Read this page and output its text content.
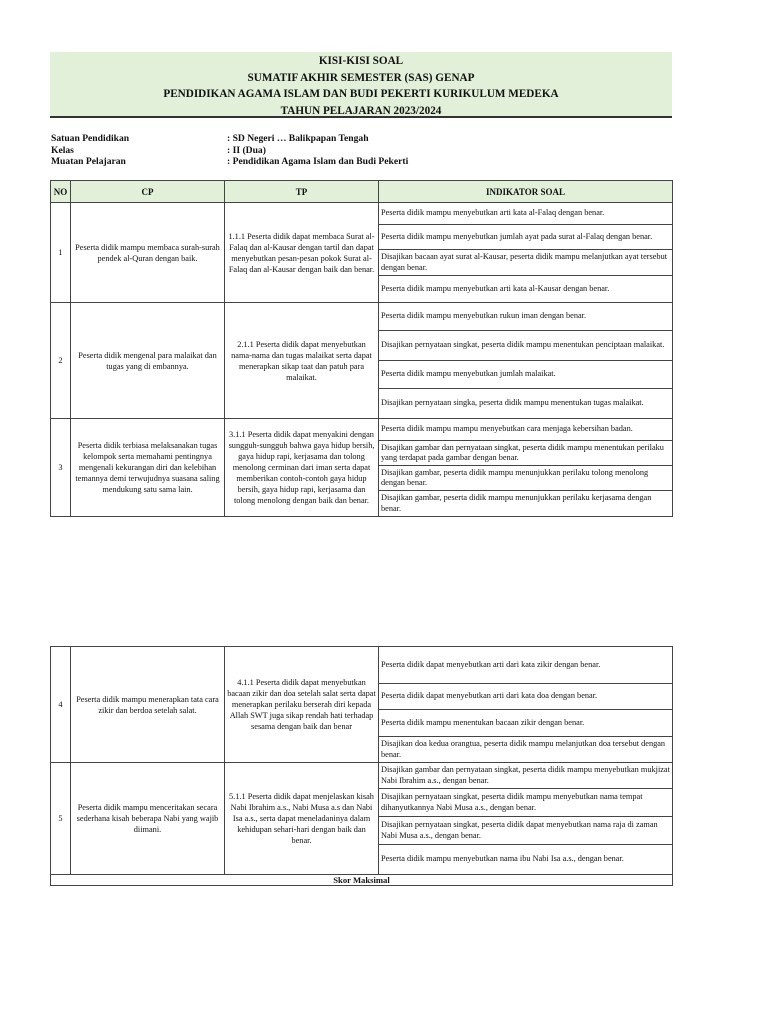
KISI-KISI SOAL
SUMATIF AKHIR SEMESTER (SAS) GENAP
PENDIDIKAN AGAMA ISLAM DAN BUDI PEKERTI KURIKULUM MEDEKA
TAHUN PELAJARAN 2023/2024
Satuan Pendidikan	: SD Negeri … Balikpapan Tengah
Kelas	: II (Dua)
Muatan Pelajaran	: Pendidikan Agama Islam dan Budi Pekerti
NO	CP	TP	INDIKATOR SOAL
1	Peserta didik mampu membaca surah-surah pendek al-Quran dengan baik.	1.1.1 Peserta didik dapat membaca Surat al-Falaq dan al-Kausar dengan tartil dan dapat menyebutkan pesan-pesan pokok Surat al-Falaq dan al-Kausar dengan baik dan benar.	Peserta didik mampu menyebutkan arti kata al-Falaq dengan benar.
			Peserta didik mampu menyebutkan jumlah ayat pada surat al-Falaq dengan benar.
			Disajikan bacaan ayat surat al-Kausar, peserta didik mampu melanjutkan ayat tersebut dengan benar.
			Peserta didik mampu menyebutkan arti kata al-Kausar dengan benar.
2	Peserta didik mengenal para malaikat dan tugas yang di embannya.	2.1.1 Peserta didik dapat menyebutkan nama-nama dan tugas malaikat serta dapat menerapkan sikap taat dan patuh para malaikat.	Peserta didik mampu menyebutkan rukun iman dengan benar.
			Disajikan pernyataan singkat, peserta didik mampu menentukan penciptaan malaikat.
			Peserta didik mampu menyebutkan jumlah malaikat.
			Disajikan pernyataan singka, peserta didik mampu menentukan tugas malaikat.
3	Peserta didik terbiasa melaksanakan tugas kelompok serta memahami pentingnya mengenali kekurangan diri dan kelebihan temannya demi terwujudnya suasana saling mendukung satu sama lain.	3.1.1 Peserta didik dapat menyakini dengan sungguh-sungguh bahwa gaya hidup bersih, gaya hidup rapi, kerjasama dan tolong menolong cerminan dari iman serta dapat memberikan contoh-contoh gaya hidup bersih, gaya hidup rapi, kerjasama dan tolong menolong dengan baik dan benar.	Peserta didik mampu mampu menyebutkan cara menjaga kebersihan badan.
			Disajikan gambar dan pernyataan singkat, peserta didik mampu menentukan perilaku yang terdapat pada gambar dengan benar.
			Disajikan gambar, peserta didik mampu menunjukkan perilaku tolong menolong dengan benar.
			Disajikan gambar, peserta didik mampu menunjukkan perilaku kerjasama dengan benar.
4	Peserta didik mampu menerapkan tata cara zikir dan berdoa setelah salat.	4.1.1 Peserta didik dapat menyebutkan bacaan zikir dan doa setelah salat serta dapat menerapkan perilaku berserah diri kepada Allah SWT juga sikap rendah hati terhadap sesama dengan baik dan benar	Peserta didik dapat menyebutkan arti dari kata zikir dengan benar.
			Peserta didik dapat menyebutkan arti dari kata doa dengan benar.
			Peserta didik mampu menentukan bacaan zikir dengan benar.
			Disajikan doa kedua orangtua, peserta didik mampu melanjutkan doa tersebut dengan benar.
5	Peserta didik mampu menceritakan secara sederhana kisah beberapa Nabi yang wajib diimani.	5.1.1 Peserta didik dapat menjelaskan kisah Nabi Ibrahim a.s., Nabi Musa a.s dan Nabi Isa a.s., serta dapat meneladaninya dalam kehidupan sehari-hari dengan baik dan benar.	Disajikan gambar dan pernyataan singkat, peserta didik mampu menyebutkan mukjizat Nabi Ibrahim a.s., dengan benar.
			Disajikan pernyataan singkat, peserta didik mampu menyebutkan nama tempat dihanyutkannya Nabi Musa a.s., dengan benar.
			Disajikan pernyataan singkat, peserta didik dapat menyebutkan nama raja di zaman Nabi Musa a.s., dengan benar.
			Peserta didik mampu menyebutkan nama ibu Nabi Isa a.s., dengan benar.
Skor Maksimal			
